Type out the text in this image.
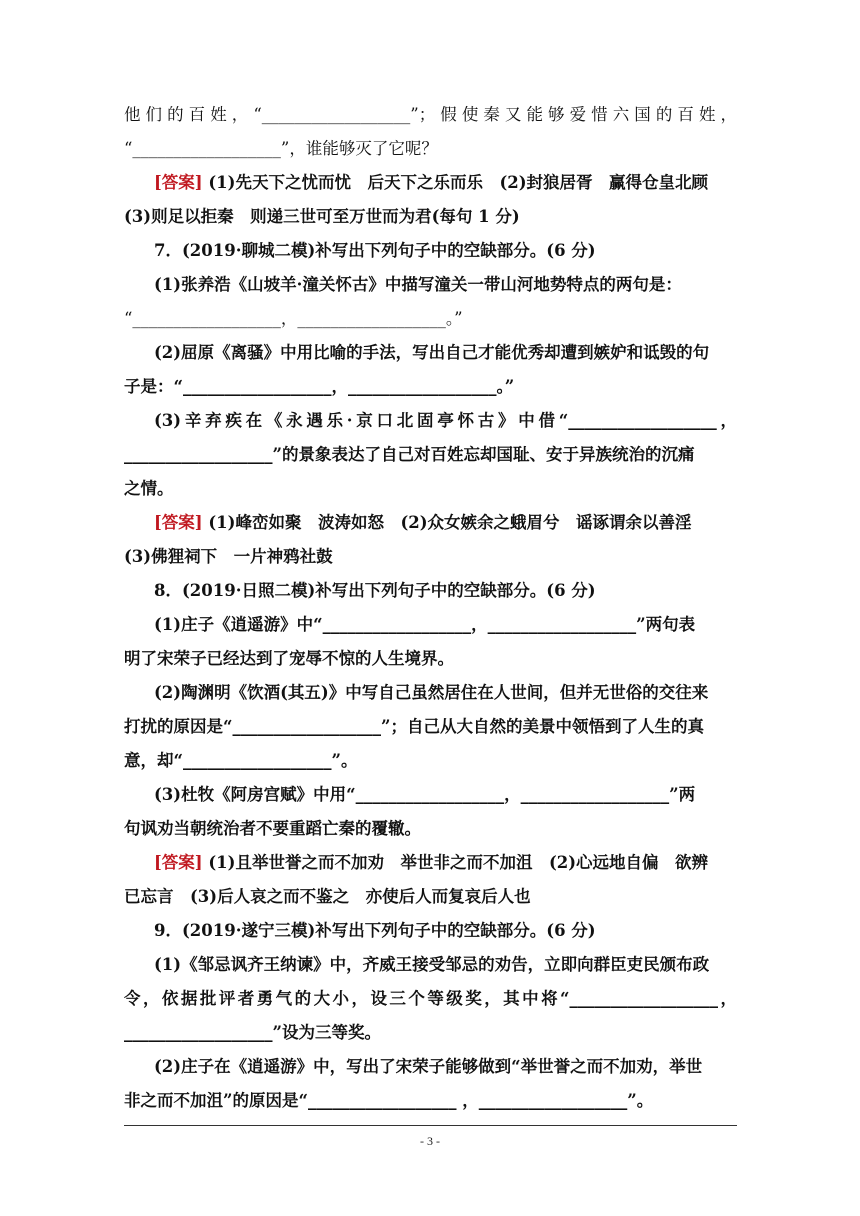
他们的百姓，“__________________”；假使秦又能够爱惜六国的百姓，
“__________________”，谁能够灭了它呢？
[答案] (1)先天下之忧而忧　后天下之乐而乐　(2)封狼居胥　赢得仓皇北顾
(3)则足以拒秦　则递三世可至万世而为君(每句 1 分)
7．(2019·聊城二模)补写出下列句子中的空缺部分。(6 分)
(1)张养浩《山坡羊·潼关怀古》中描写潼关一带山河地势特点的两句是：
“__________________，__________________。”
(2)屈原《离骚》中用比喻的手法，写出自己才能优秀却遭到嫉妒和诋毁的句
子是：“__________________，__________________。”
(3)辛弃疾在《永遇乐·京口北固亭怀古》中借“__________________，
__________________”的景象表达了自己对百姓忘却国耻、安于异族统治的沉痛
之情。
[答案] (1)峰峦如聚　波涛如怒　(2)众女嫉余之蛾眉兮　谣诼谓余以善淫
(3)佛狸祠下　一片神鸦社鼓
8．(2019·日照二模)补写出下列句子中的空缺部分。(6 分)
(1)庄子《逍遥游》中“__________________，__________________”两句表
明了宋荣子已经达到了宠辱不惊的人生境界。
(2)陶渊明《饮酒(其五)》中写自己虽然居住在人世间，但并无世俗的交往来
打扰的原因是“__________________”；自己从大自然的美景中领悟到了人生的真
意，却“__________________”。
(3)杜牧《阿房宫赋》中用“__________________，__________________”两
句讽劝当朝统治者不要重蹈亡秦的覆辙。
[答案] (1)且举世誉之而不加劝　举世非之而不加沮　(2)心远地自偏　欲辨
已忘言　(3)后人哀之而不鉴之　亦使后人而复哀后人也
9．(2019·遂宁三模)补写出下列句子中的空缺部分。(6 分)
(1)《邹忌讽齐王纳谏》中，齐威王接受邹忌的劝告，立即向群臣吏民颁布政
令，依据批评者勇气的大小，设三个等级奖，其中将“__________________，
__________________”设为三等奖。
(2)庄子在《逍遥游》中，写出了宋荣子能够做到“举世誉之而不加劝，举世
非之而不加沮”的原因是“__________________ ，__________________”。
- 3 -
